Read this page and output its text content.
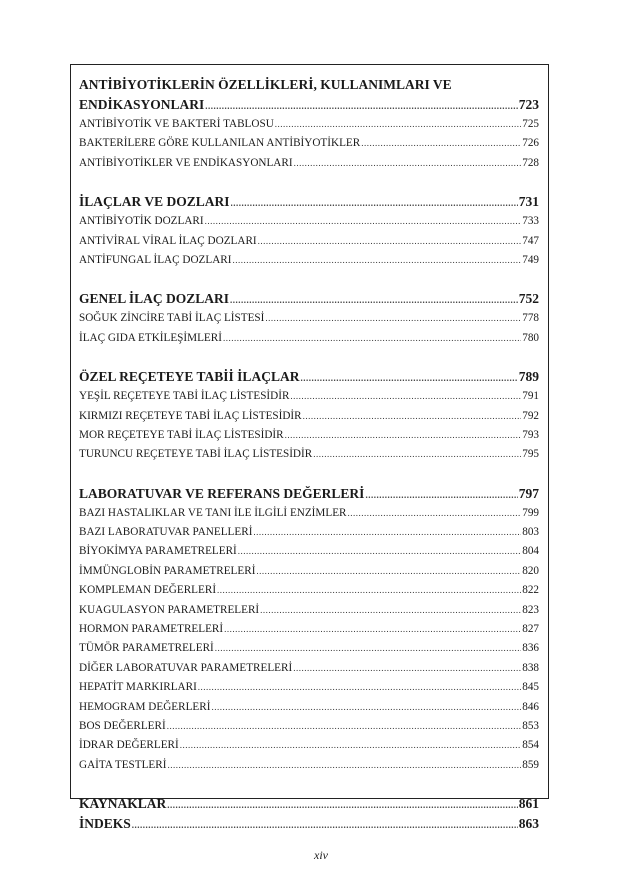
ANTİBİYOTİKLERİN ÖZELLİKLERİ, KULLANIMLARI VE
ENDİKASYONLARI .....	723
ANTİBİYOTİK VE BAKTERİ TABLOSU .....	725
BAKTERİLERE GÖRE KULLANILAN ANTİBİYOTİKLER .....	726
ANTİBİYOTİKLER VE ENDİKASYONLARI .....	728
İLAÇLAR VE DOZLARI .....	731
ANTİBİYOTİK DOZLARI .....	733
ANTİVİRAL VİRAL İLAÇ DOZLARI .....	747
ANTİFUNGAL İLAÇ DOZLARI .....	749
GENEL İLAÇ DOZLARI .....	752
SOĞUK ZİNCİRE TABİ İLAÇ LİSTESİ .....	778
İLAÇ GIDA ETKİLEŞİMLERİ .....	780
ÖZEL REÇETEYE TABİİ İLAÇLAR .....	789
YEŞİL REÇETEYE TABİ İLAÇ LİSTESİDİR .....	791
KIRMIZI REÇETEYE TABİ İLAÇ LİSTESİDİR .....	792
MOR REÇETEYE TABİ İLAÇ LİSTESİDİR .....	793
TURUNCU REÇETEYE TABİ İLAÇ LİSTESİDİR .....	795
LABORATUVAR VE REFERANS DEĞERLERİ .....	797
BAZI HASTALIKLAR VE TANI İLE İLGİLİ ENZİMLER .....	799
BAZI LABORATUVAR PANELLERİ .....	803
BİYOKİMYA PARAMETRELERİ .....	804
İMMÜNGLOBİN PARAMETRELERİ .....	820
KOMPLEMAN DEĞERLERİ .....	822
KUAGULASYON PARAMETRELERİ .....	823
HORMON PARAMETRELERİ .....	827
TÜMÖR PARAMETRELERİ .....	836
DİĞER LABORATUVAR PARAMETRELERİ .....	838
HEPATİT MARKIRLARI .....	845
HEMOGRAM DEĞERLERİ .....	846
BOS DEĞERLERİ .....	853
İDRAR DEĞERLERİ .....	854
GAİTA TESTLERİ .....	859
KAYNAKLAR .....	861
İNDEKS .....	863
xiv
